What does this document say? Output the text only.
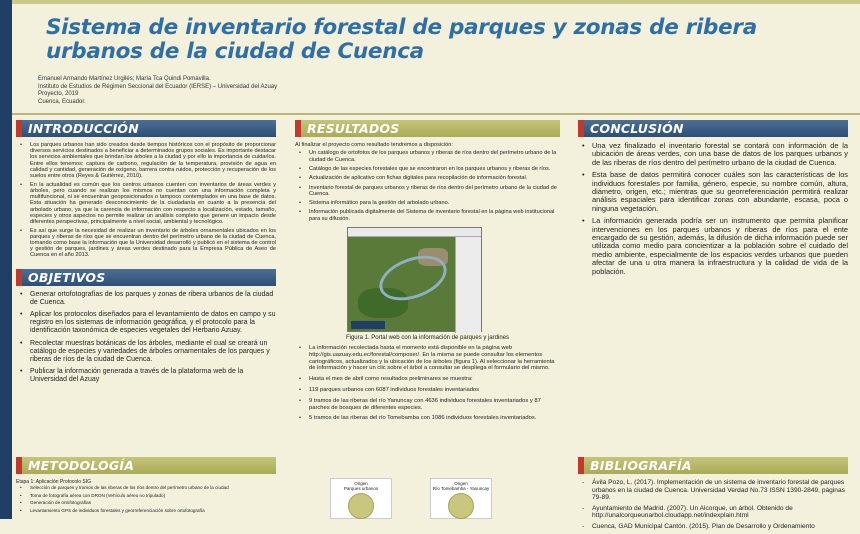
Sistema de inventario forestal de parques y zonas de ribera urbanos de la ciudad de Cuenca
Emanuel Armando Martínez Urgilés; María Tca Quindi Pomavilla.
Instituto de Estudios de Régimen Seccional del Ecuador (IERSE) – Universidad del Azuay
Proyecto, 2019
Cuenca, Ecuador.
INTRODUCCIÓN
• Los parques urbanos han sido creados desde tiempos históricos con el propósito de proporcionar diversos servicios destinados a beneficiar a determinados grupos sociales. Es importante destacar los servicios ambientales que brindan los árboles a la ciudad y por ello la importancia de cuidarlos. Entre ellos tenemos: captura de carbono, regulación de la temperatura, provisión de agua en calidad y cantidad, generación de oxígeno, barrera contra ruidos, protección y recuperación de los suelos entre otros (Reyes & Gutiérrez, 2010).
• En la actualidad es común que los centros urbanos cuenten con inventarios de áreas verdes y árboles, pero cuando se realizan los mismos no cuentan con una información completa y multifuncional, ni se encuentran geoposicionados o tampoco contemplados en una base de datos. Esta situación ha generado desconocimiento de la ciudadanía en cuanto a la presencia del arbolado urbano, ya que la carencia de información con respecto a localización, estado, tamaño, especies y otros aspectos no permite realizar un análisis completo que genere un impacto desde diferentes perspectivas, principalmente a nivel social, ambiental y tecnológico.
• Es así que surge la necesidad de realizar un inventario de árboles ornamentales ubicados en los parques y riberas de ríos que se encuentran dentro del perímetro urbano de la ciudad de Cuenca, tomando como base la información que la Universidad desarrolló y publicó en el sistema de control y gestión de parques, jardines y áreas verdes destinado para la Empresa Pública de Aseo de Cuenca en el año 2013.
OBJETIVOS
• Generar ortofotografías de los parques y zonas de ribera urbanos de la ciudad de Cuenca.
• Aplicar los protocolos diseñados para el levantamiento de datos en campo y su registro en los sistemas de información geográfica, y el protocolo para la identificación taxonómica de especies vegetales del Herbario Azuay.
• Recolectar muestras botánicas de los árboles, mediante el cual se creará un catálogo de especies y variedades de árboles ornamentales de los parques y riberas de ríos de la ciudad de Cuenca.
• Publicar la información generada a través de la plataforma web de la Universidad del Azuay
METODOLOGÍA
Etapa 1: Aplicación Protocolo SIG
• Selección de parques y tramos de las riberas de los ríos dentro del perímetro urbano de la ciudad
• Toma de fotografía aérea con DRON (Vehículo aéreo no tripulado)
• Generación de ortofotografías
• Levantamiento GPS de individuos forestales y georreferenciación sobre ortofotografía
RESULTADOS
Al finalizar el proyecto como resultado tendremos a disposición:
• Un catálogo de ortofotos de los parques urbanos y riberas de ríos dentro del perímetro urbano de la ciudad de Cuenca.
• Catálogo de las especies forestales que se encontraron en los parques urbanos y riberas de ríos.
• Actualización de aplicativo con fichas digitales para recopilación de información forestal.
• Inventario forestal de parques urbanos y riberas de ríos dentro del perímetro urbano de la ciudad de Cuenca.
• Sistema informático para la gestión del arbolado urbano.
• Información publicada digitalmente del Sistema de inventario forestal en la página web institucional para su difusión.
Figura 1. Portal web con la información de parques y jardines
• La información recolectada hasta el momento está disponible en la página web http://gis.uazuay.edu.ec/forestal/composer/. En la misma se puede consultar los elementos cartográficos, actualizados y la ubicación de los árboles (figura 1). Al seleccionar la herramienta de información y hacer un clic sobre el árbol a consultar se despliega el formulario del mismo.
• Hasta el mes de abril como resultados preliminares se muestra:
• 119 parques urbanos con 6087 individuos forestales inventariados
• 9 tramos de las riberas del río Yanuncay con 4636 individuos forestales inventariados y 87 parches de bosques de diferentes especies.
• 5 tramos de las riberas del río Tomebamba con 1086 individuos forestales inventariados.
Origen
Parques urbanos
Origen
Río Tomebamba - Yanuncay
CONCLUSIÓN
• Una vez finalizado el inventario forestal se contará con información de la ubicación de áreas verdes, con una base de datos de los parques urbanos y de las riberas de ríos dentro del perímetro urbano de la ciudad de Cuenca.
• Esta base de datos permitirá conocer cuáles son las características de los individuos forestales por familia, género, especie, su nombre común, altura, diámetro, origen, etc.; mientras que su georreferenciación permitirá realizar análisis espaciales para identificar zonas con abundante, escasa, poca o ninguna vegetación.
• La información generada podría ser un instrumento que permita planificar intervenciones en los parques urbanos y riberas de ríos para el ente encargado de su gestión, además, la difusión de dicha información puede ser utilizada como medio para concientizar a la población sobre el cuidado del medio ambiente, especialmente de los espacios verdes urbanos que pueden afectar de una u otra manera la infraestructura y la calidad de vida de la población.
BIBLIOGRAFÍA
- Ávila Pozo, L. (2017). Implementación de un sistema de inventario forestal de parques urbanos en la ciudad de Cuenca. Universidad Verdad No.73 ISSN 1390-2849, páginas 79-89.
- Ayuntamiento de Madrid. (2007). Un Alcorque, un árbol. Obtenido de http://unalcorqueunarbol.cloudapp.net/indexplain.html
- Cuenca, GAD Municipal Cantón. (2015). Plan de Desarrollo y Ordenamiento
